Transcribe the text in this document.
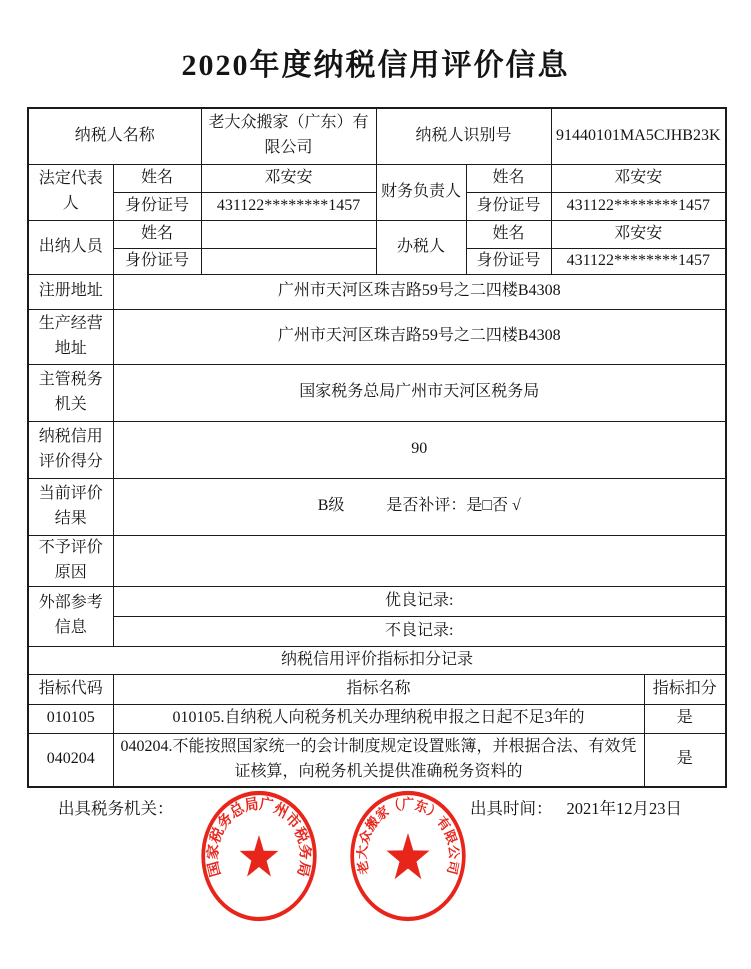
2020年度纳税信用评价信息
纳税人名称		老大众搬家（广东）有限公司	纳税人识别号		91440101MA5CJHB23K	
法定代表人	姓名	邓安安	财务负责人	姓名	邓安安	
	身份证号	431122********1457		身份证号	431122********1457	
出纳人员	姓名		办税人	姓名	邓安安	
	身份证号			身份证号	431122********1457	
注册地址	广州市天河区珠吉路59号之二四楼B4308					
生产经营地址	广州市天河区珠吉路59号之二四楼B4308					
主管税务机关	国家税务总局广州市天河区税务局					
纳税信用评价得分	90					
当前评价结果	B级 是否补评：是□否 √					
不予评价原因						
外部参考信息	优良记录:					
	不良记录:					
纳税信用评价指标扣分记录						
指标代码	指标名称					指标扣分
010105	010105.自纳税人向税务机关办理纳税申报之日起不足3年的					是
040204	040204.不能按照国家统一的会计制度规定设置账簿，并根据合法、有效凭证核算，向税务机关提供准确税务资料的					是
出具税务机关：	出具时间： 2021年12月23日
国家税务总局广州市税务局	老大众搬家（广东）有限公司
